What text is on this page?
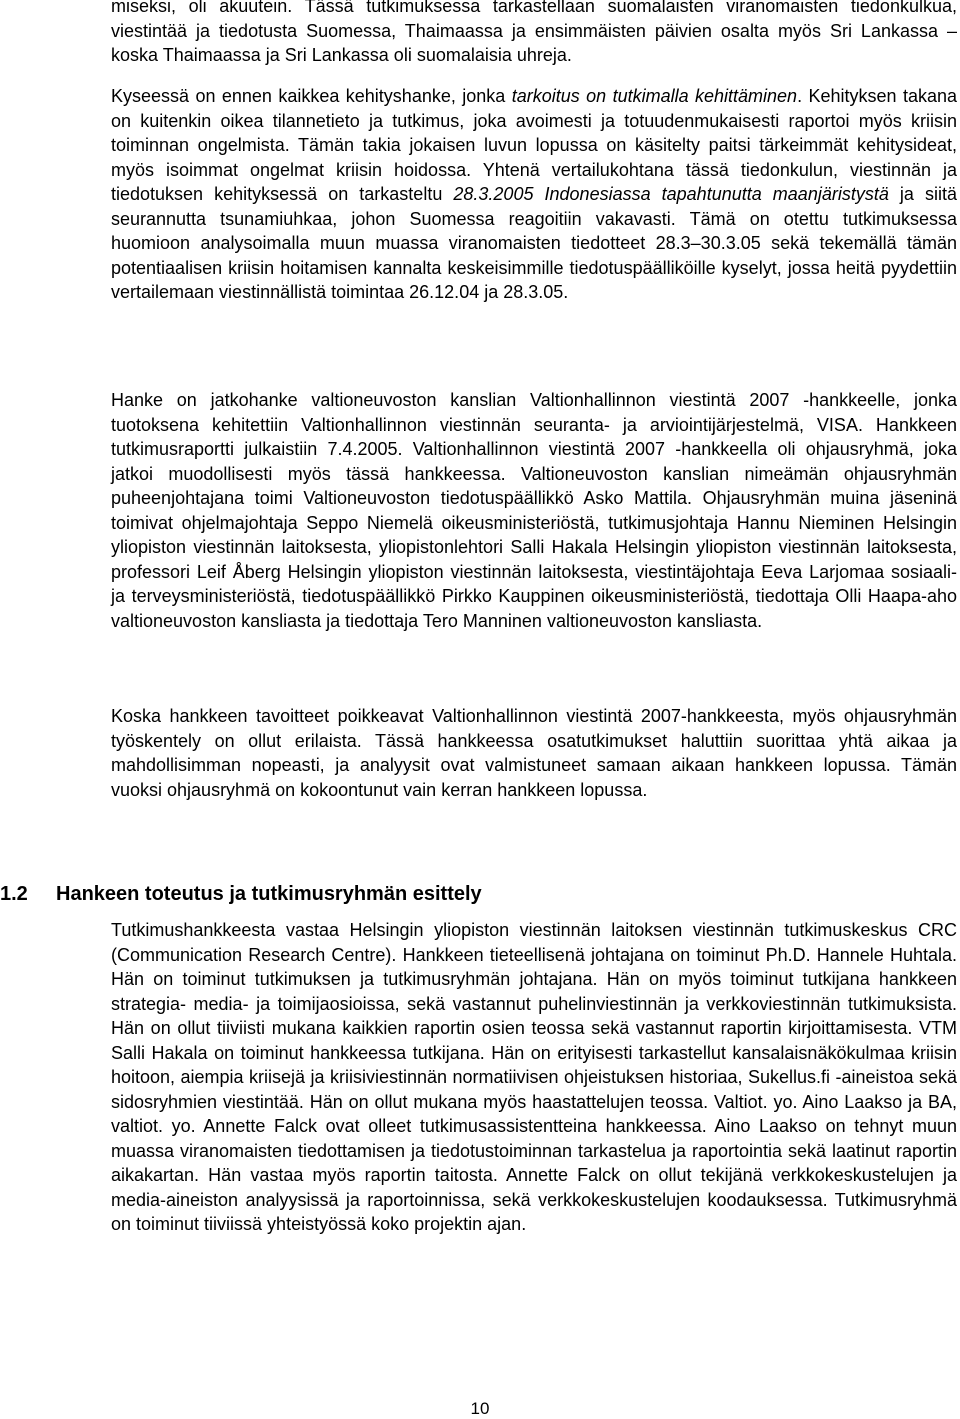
miseksi, oli akuutein. Tässä tutkimuksessa tarkastellaan suomalaisten viranomaisten tiedonkulkua, viestintää ja tiedotusta Suomessa, Thaimaassa ja ensimmäisten päivien osalta myös Sri Lankassa – koska Thaimaassa ja Sri Lankassa oli suomalaisia uhreja.

Kyseessä on ennen kaikkea kehityshanke, jonka tarkoitus on tutkimalla kehittäminen. Kehityksen takana on kuitenkin oikea tilannetieto ja tutkimus, joka avoimesti ja totuudenmukaisesti raportoi myös kriisin toiminnan ongelmista. Tämän takia jokaisen luvun lopussa on käsitelty paitsi tärkeimmät kehitysideat, myös isoimmat ongelmat kriisin hoidossa. Yhtenä vertailukohtana tässä tiedonkulun, viestinnän ja tiedotuksen kehityksessä on tarkasteltu 28.3.2005 Indonesiassa tapahtunutta maanjäristystä ja siitä seurannutta tsunamiuhkaa, johon Suomessa reagoitiin vakavasti. Tämä on otettu tutkimuksessa huomioon analysoimalla muun muassa viranomaisten tiedotteet 28.3–30.3.05 sekä tekemällä tämän potentiaalisen kriisin hoitamisen kannalta keskeisimmille tiedotuspäälliköille kyselyt, jossa heitä pyydettiin vertailemaan viestinnällistä toimintaa 26.12.04 ja 28.3.05.

Hanke on jatkohanke valtioneuvoston kanslian Valtionhallinnon viestintä 2007 -hankkeelle, jonka tuotoksena kehitettiin Valtionhallinnon viestinnän seuranta- ja arviointijärjestelmä, VISA. Hankkeen tutkimusraportti julkaistiin 7.4.2005. Valtionhallinnon viestintä 2007 -hankkeella oli ohjausryhmä, joka jatkoi muodollisesti myös tässä hankkeessa. Valtioneuvoston kanslian nimeämän ohjausryhmän puheenjohtajana toimi Valtioneuvoston tiedotuspäällikkö Asko Mattila. Ohjausryhmän muina jäseninä toimivat ohjelmajohtaja Seppo Niemelä oikeusministeriöstä, tutkimusjohtaja Hannu Nieminen Helsingin yliopiston viestinnän laitoksesta, yliopistonlehtori Salli Hakala Helsingin yliopiston viestinnän laitoksesta, professori Leif Åberg Helsingin yliopiston viestinnän laitoksesta, viestintäjohtaja Eeva Larjomaa sosiaali- ja terveysministeriöstä, tiedotuspäällikkö Pirkko Kauppinen oikeusministeriöstä, tiedottaja Olli Haapa-aho valtioneuvoston kansliasta ja tiedottaja Tero Manninen valtioneuvoston kansliasta.

Koska hankkeen tavoitteet poikkeavat Valtionhallinnon viestintä 2007-hankkeesta, myös ohjausryhmän työskentely on ollut erilaista. Tässä hankkeessa osatutkimukset haluttiin suorittaa yhtä aikaa ja mahdollisimman nopeasti, ja analyysit ovat valmistuneet samaan aikaan hankkeen lopussa. Tämän vuoksi ohjausryhmä on kokoontunut vain kerran hankkeen lopussa.

1.2 Hankeen toteutus ja tutkimusryhmän esittely

Tutkimushankkeesta vastaa Helsingin yliopiston viestinnän laitoksen viestinnän tutkimuskeskus CRC (Communication Research Centre). Hankkeen tieteellisenä johtajana on toiminut Ph.D. Hannele Huhtala. Hän on toiminut tutkimuksen ja tutkimusryhmän johtajana. Hän on myös toiminut tutkijana hankkeen strategia- media- ja toimijaosioissa, sekä vastannut puhelinviestinnän ja verkkoviestinnän tutkimuksista. Hän on ollut tiiviisti mukana kaikkien raportin osien teossa sekä vastannut raportin kirjoittamisesta. VTM Salli Hakala on toiminut hankkeessa tutkijana. Hän on erityisesti tarkastellut kansalaisnäkökulmaa kriisin hoitoon, aiempia kriisejä ja kriisiviestinnän normatiivisen ohjeistuksen historiaa, Sukellus.fi -aineistoa sekä sidosryhmien viestintää. Hän on ollut mukana myös haastattelujen teossa. Valtiot. yo. Aino Laakso ja BA, valtiot. yo. Annette Falck ovat olleet tutkimusassistentteina hankkeessa. Aino Laakso on tehnyt muun muassa viranomaisten tiedottamisen ja tiedotustoiminnan tarkastelua ja raportointia sekä laatinut raportin aikakartan. Hän vastaa myös raportin taitosta. Annette Falck on ollut tekijänä verkkokeskustelujen ja media-aineiston analyysissä ja raportoinnissa, sekä verkkokeskustelujen koodauksessa. Tutkimusryhmä on toiminut tiiviissä yhteistyössä koko projektin ajan.

10
